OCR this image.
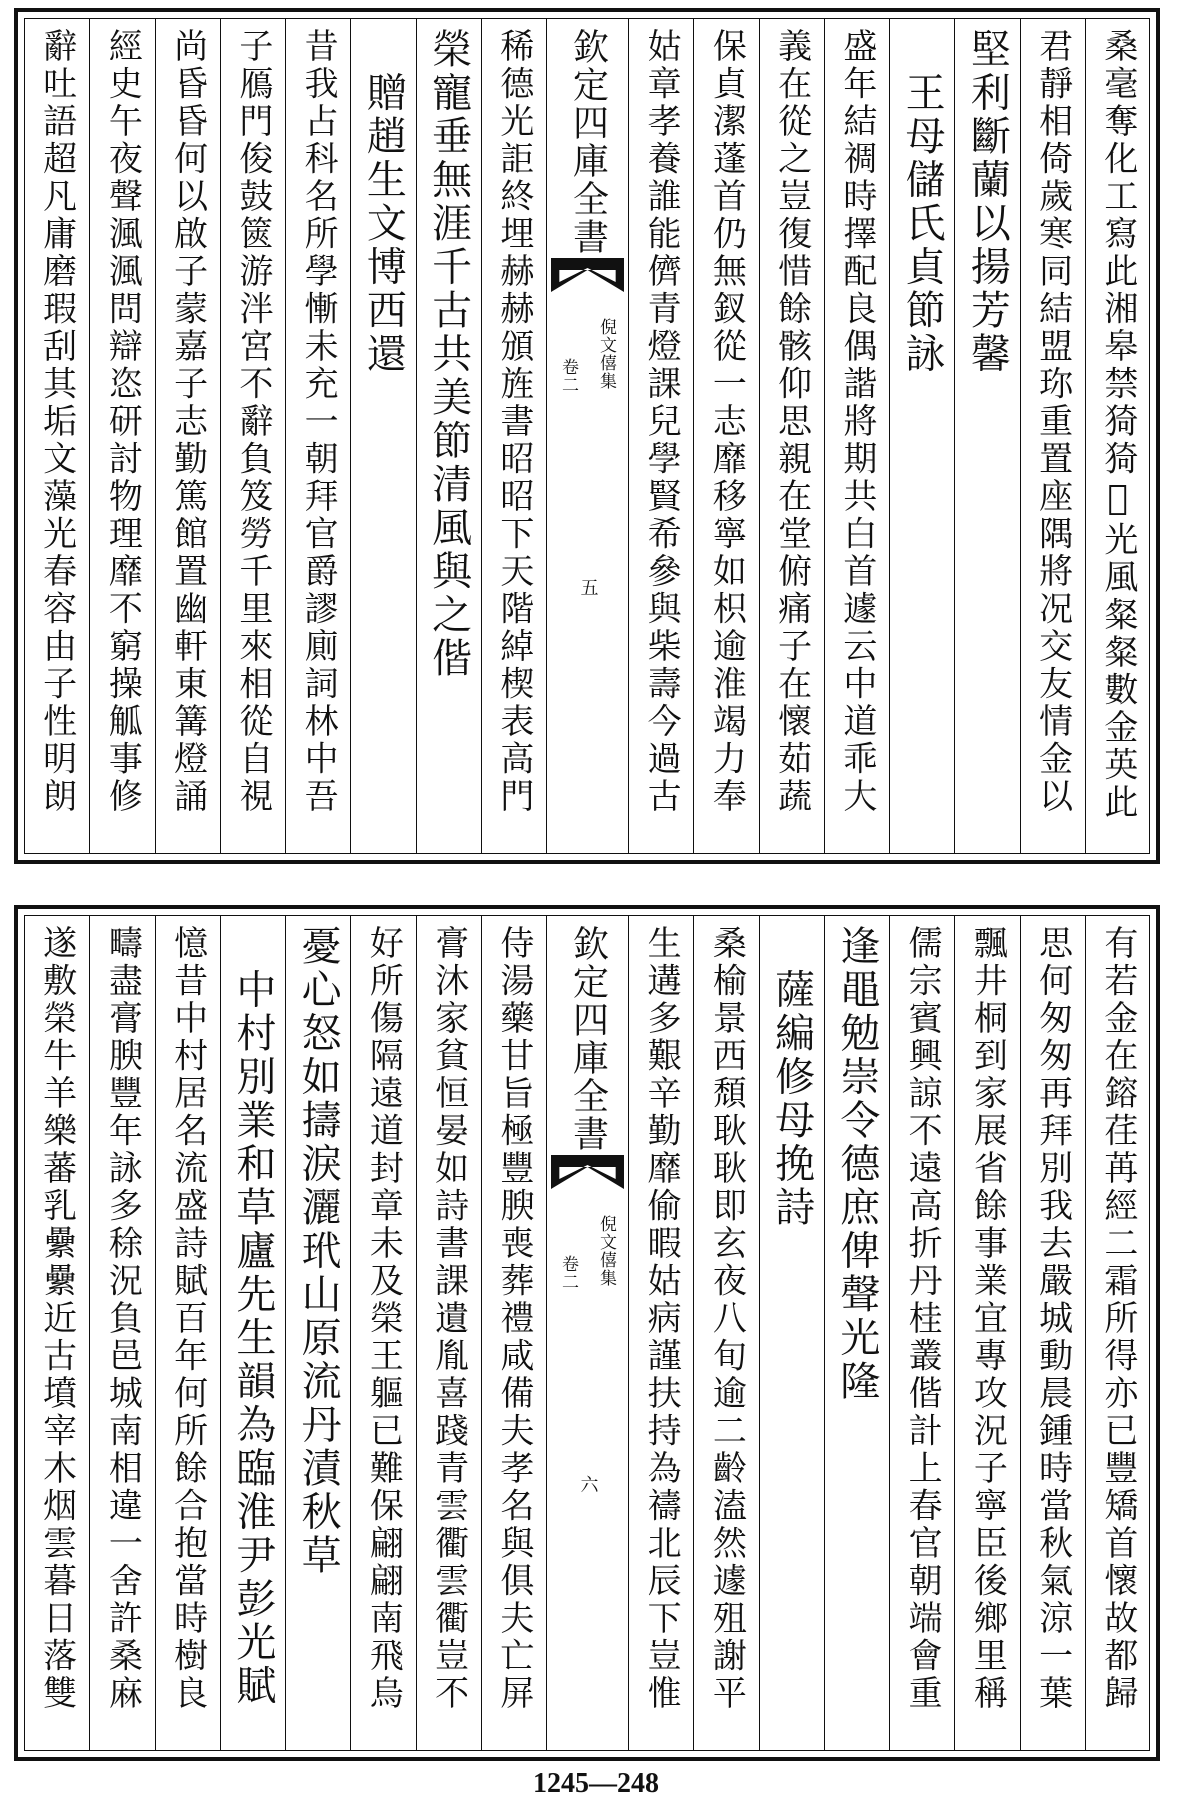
桑毫奪化工寫此湘皋禁猗猗𩖄光風粲粲數金英此
君靜相倚歲寒同結盟珎重置座隅將况交友情金以
堅利斷蘭以揚芳馨
　王母儲氏貞節詠
盛年結禂時擇配良偶諧將期共白首遽云中道乖大
義在從之豈復惜餘骸仰思親在堂俯痛子在懷茹蔬
保貞潔蓬首仍無釵從一志靡移寧如枳逾淮竭力奉
姑章孝養誰能儕青燈課兒學賢希參與柴壽今過古
欽定四庫全書
倪文僖集
卷二
五
稀德光詎終埋赫赫頒旌書昭昭下天階綽楔表高門
榮寵垂無涯千古共美節清風與之偕
　贈趙生文博西還
昔我占科名所學慚未充一朝拜官爵謬廁詞林中吾
子鴈門俊鼓篋游泮宮不辭負笈勞千里來相從自視
尚昏昏何以啟子蒙嘉子志勤篤館置幽軒東篝燈誦
經史午夜聲渢渢問辯恣研討物理靡不窮操觚事修
辭吐語超凡庸磨瑕刮其垢文藻光春容由子性明朗
有若金在鎔荏苒經二霜所得亦已豐矯首懷故都歸
思何匆匆再拜別我去嚴城動晨鍾時當秋氣涼一葉
飄井桐到家展省餘事業宜專攻況子寧臣後鄉里稱
儒宗賓興諒不遠高折丹桂叢偕計上春官朝端會重
逢黽勉崇令德庶俾聲光隆
　薩編修母挽詩
桑榆景西頹耿耿即玄夜八旬逾二齡溘然遽殂謝平
生遘多艱辛勤靡偷暇姑病謹扶持為禱北辰下豈惟
欽定四庫全書
倪文僖集
卷二
六
侍湯藥甘旨極豐腴喪葬禮咸備夫孝名與俱夫亡屏
膏沐家貧恒晏如詩書課遺胤喜踐青雲衢雲衢豈不
好所傷隔遠道封章未及榮王軀已難保翩翩南飛烏
憂心怒如擣淚灑玳山原流丹漬秋草
　中村別業和草廬先生韻為臨淮尹彭光賦
憶昔中村居名流盛詩賦百年何所餘合抱當時樹良
疇盡膏腴豐年詠多稌況負邑城南相違一舍許桑麻
遂敷榮牛羊樂蕃乳纍纍近古墳宰木烟雲暮日落雙
1245—248
